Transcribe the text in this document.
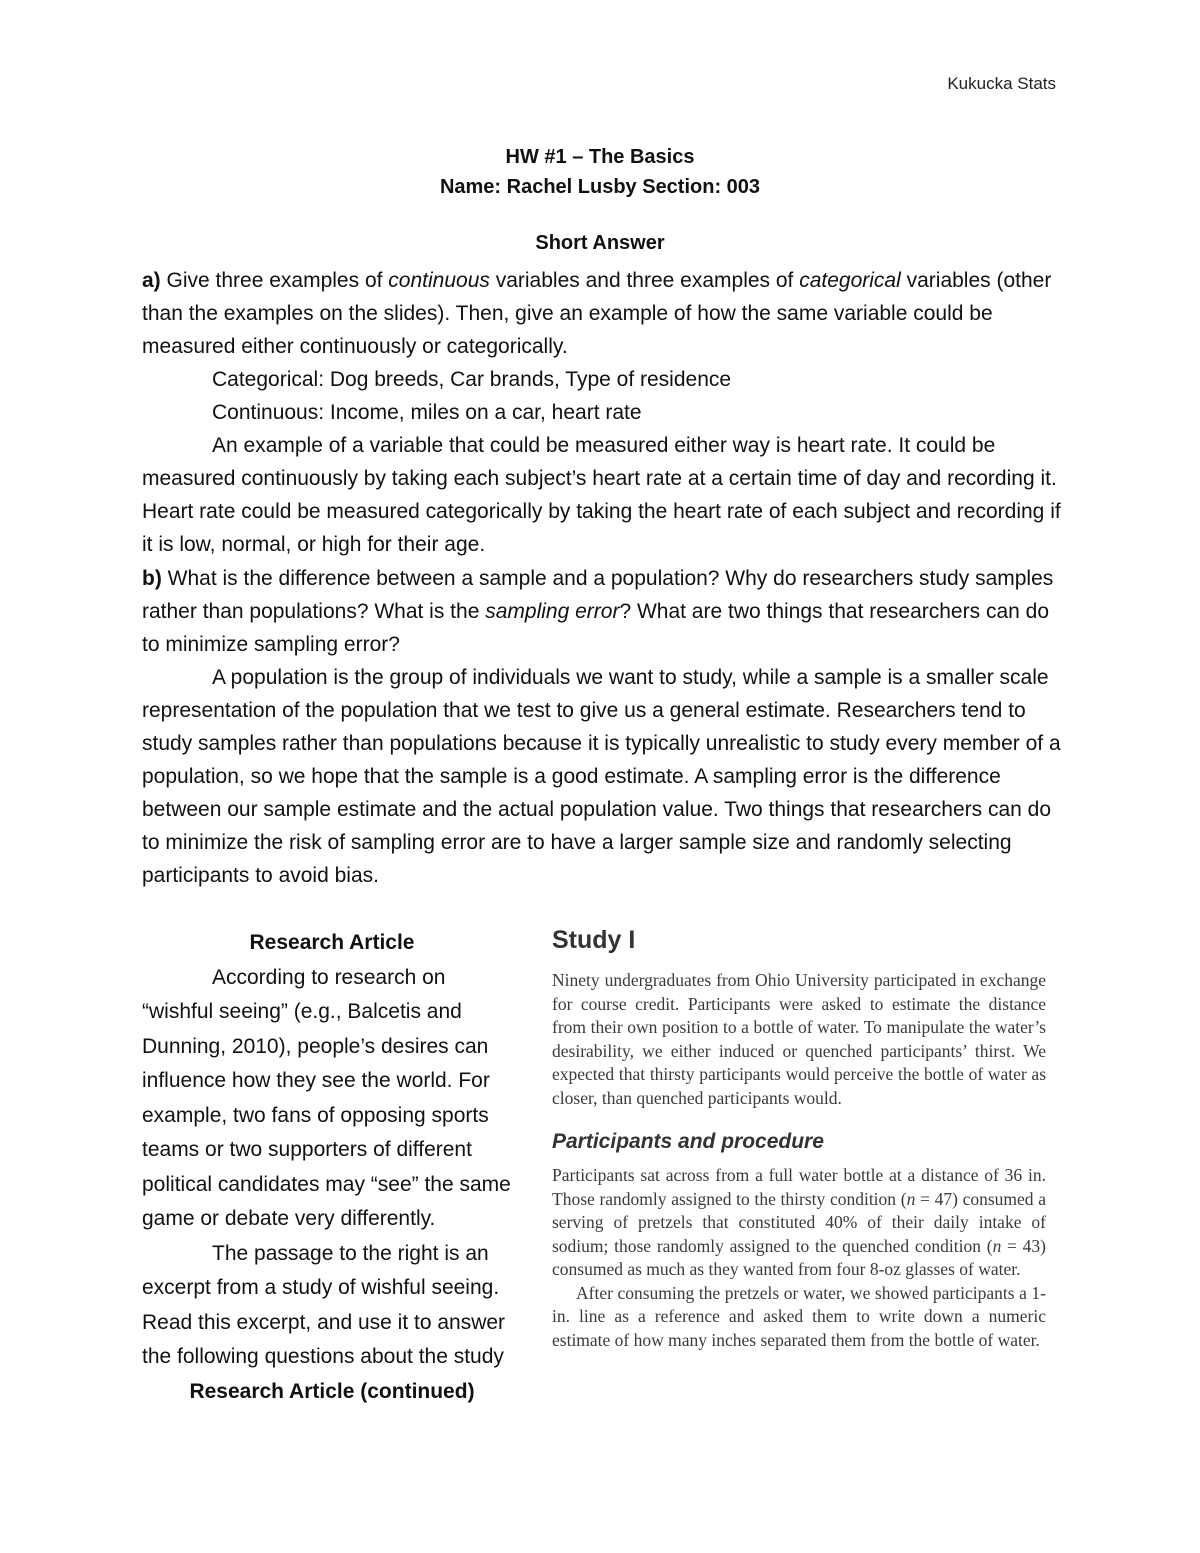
Kukucka Stats
HW #1 – The Basics
Name: Rachel Lusby Section: 003
Short Answer

a) Give three examples of continuous variables and three examples of categorical variables (other than the examples on the slides). Then, give an example of how the same variable could be measured either continuously or categorically.

Categorical: Dog breeds, Car brands, Type of residence

Continuous: Income, miles on a car, heart rate

An example of a variable that could be measured either way is heart rate. It could be measured continuously by taking each subject’s heart rate at a certain time of day and recording it. Heart rate could be measured categorically by taking the heart rate of each subject and recording if it is low, normal, or high for their age.

b) What is the difference between a sample and a population? Why do researchers study samples rather than populations? What is the sampling error? What are two things that researchers can do to minimize sampling error?

A population is the group of individuals we want to study, while a sample is a smaller scale representation of the population that we test to give us a general estimate. Researchers tend to study samples rather than populations because it is typically unrealistic to study every member of a population, so we hope that the sample is a good estimate. A sampling error is the difference between our sample estimate and the actual population value. Two things that researchers can do to minimize the risk of sampling error are to have a larger sample size and randomly selecting participants to avoid bias.

Research Article

According to research on “wishful seeing” (e.g., Balcetis and Dunning, 2010), people’s desires can influence how they see the world. For example, two fans of opposing sports teams or two supporters of different political candidates may “see” the same game or debate very differently.

The passage to the right is an excerpt from a study of wishful seeing. Read this excerpt, and use it to answer the following questions about the study

Research Article (continued)

Study I

Ninety undergraduates from Ohio University participated in exchange for course credit. Participants were asked to estimate the distance from their own position to a bottle of water. To manipulate the water’s desirability, we either induced or quenched participants’ thirst. We expected that thirsty participants would perceive the bottle of water as closer, than quenched participants would.

Participants and procedure

Participants sat across from a full water bottle at a distance of 36 in. Those randomly assigned to the thirsty condition (n = 47) consumed a serving of pretzels that constituted 40% of their daily intake of sodium; those randomly assigned to the quenched condition (n = 43) consumed as much as they wanted from four 8-oz glasses of water.

After consuming the pretzels or water, we showed participants a 1-in. line as a reference and asked them to write down a numeric estimate of how many inches separated them from the bottle of water.
